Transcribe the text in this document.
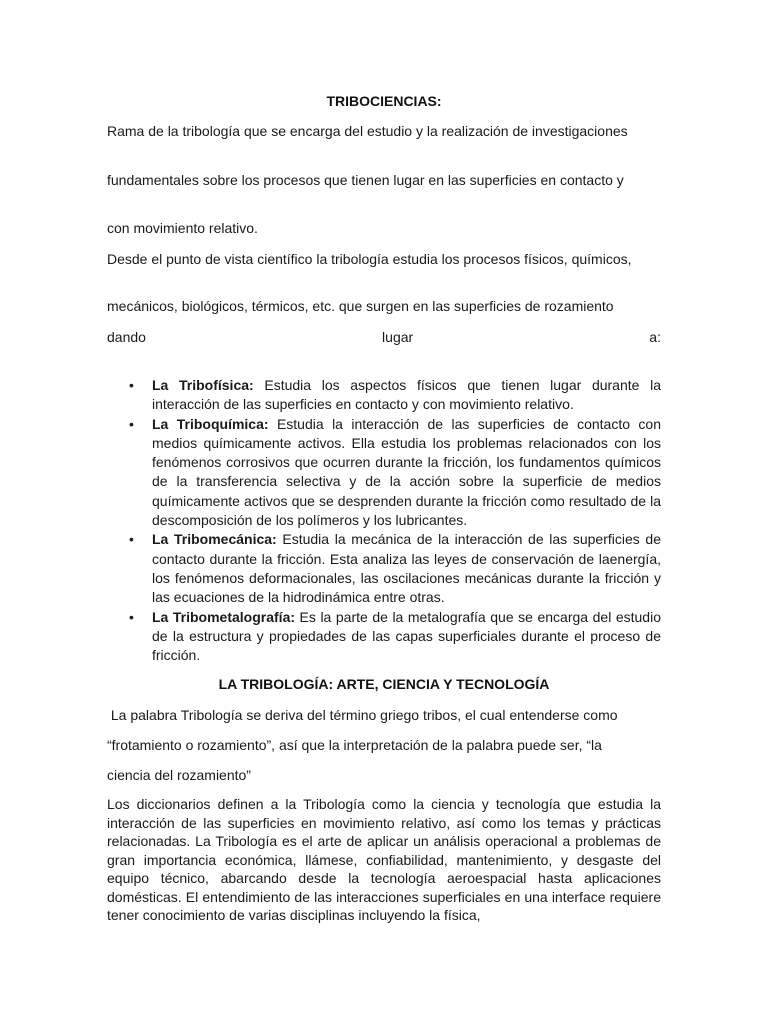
TRIBOCIENCIAS:

Rama de la tribología que se encarga del estudio y la realización de investigaciones

fundamentales sobre los procesos que tienen lugar en las superficies en contacto y

con movimiento relativo.

Desde el punto de vista científico la tribología estudia los procesos físicos, químicos,

mecánicos, biológicos, térmicos, etc. que surgen en las superficies de rozamiento

dando	lugar	a:
• La Tribofísica: Estudia los aspectos físicos que tienen lugar durante la interacción de las superficies en contacto y con movimiento relativo.
• La Triboquímica: Estudia la interacción de las superficies de contacto con medios químicamente activos. Ella estudia los problemas relacionados con los fenómenos corrosivos que ocurren durante la fricción, los fundamentos químicos de la transferencia selectiva y de la acción sobre la superficie de medios químicamente activos que se desprenden durante la fricción como resultado de la descomposición de los polímeros y los lubricantes.
• La Tribomecánica: Estudia la mecánica de la interacción de las superficies de contacto durante la fricción. Esta analiza las leyes de conservación de laenergía, los fenómenos deformacionales, las oscilaciones mecánicas durante la fricción y las ecuaciones de la hidrodinámica entre otras.
• La Tribometalografía: Es la parte de la metalografía que se encarga del estudio de la estructura y propiedades de las capas superficiales durante el proceso de fricción.
LA TRIBOLOGÍA: ARTE, CIENCIA Y TECNOLOGÍA

La palabra Tribología se deriva del término griego tribos, el cual entenderse como

“frotamiento o rozamiento”, así que la interpretación de la palabra puede ser, “la

ciencia del rozamiento”

Los diccionarios definen a la Tribología como la ciencia y tecnología que estudia la interacción de las superficies en movimiento relativo, así como los temas y prácticas relacionadas. La Tribología es el arte de aplicar un análisis operacional a problemas de gran importancia económica, llámese, confiabilidad, mantenimiento, y desgaste del equipo técnico, abarcando desde la tecnología aeroespacial hasta aplicaciones domésticas. El entendimiento de las interacciones superficiales en una interface requiere tener conocimiento de varias disciplinas incluyendo la física,
